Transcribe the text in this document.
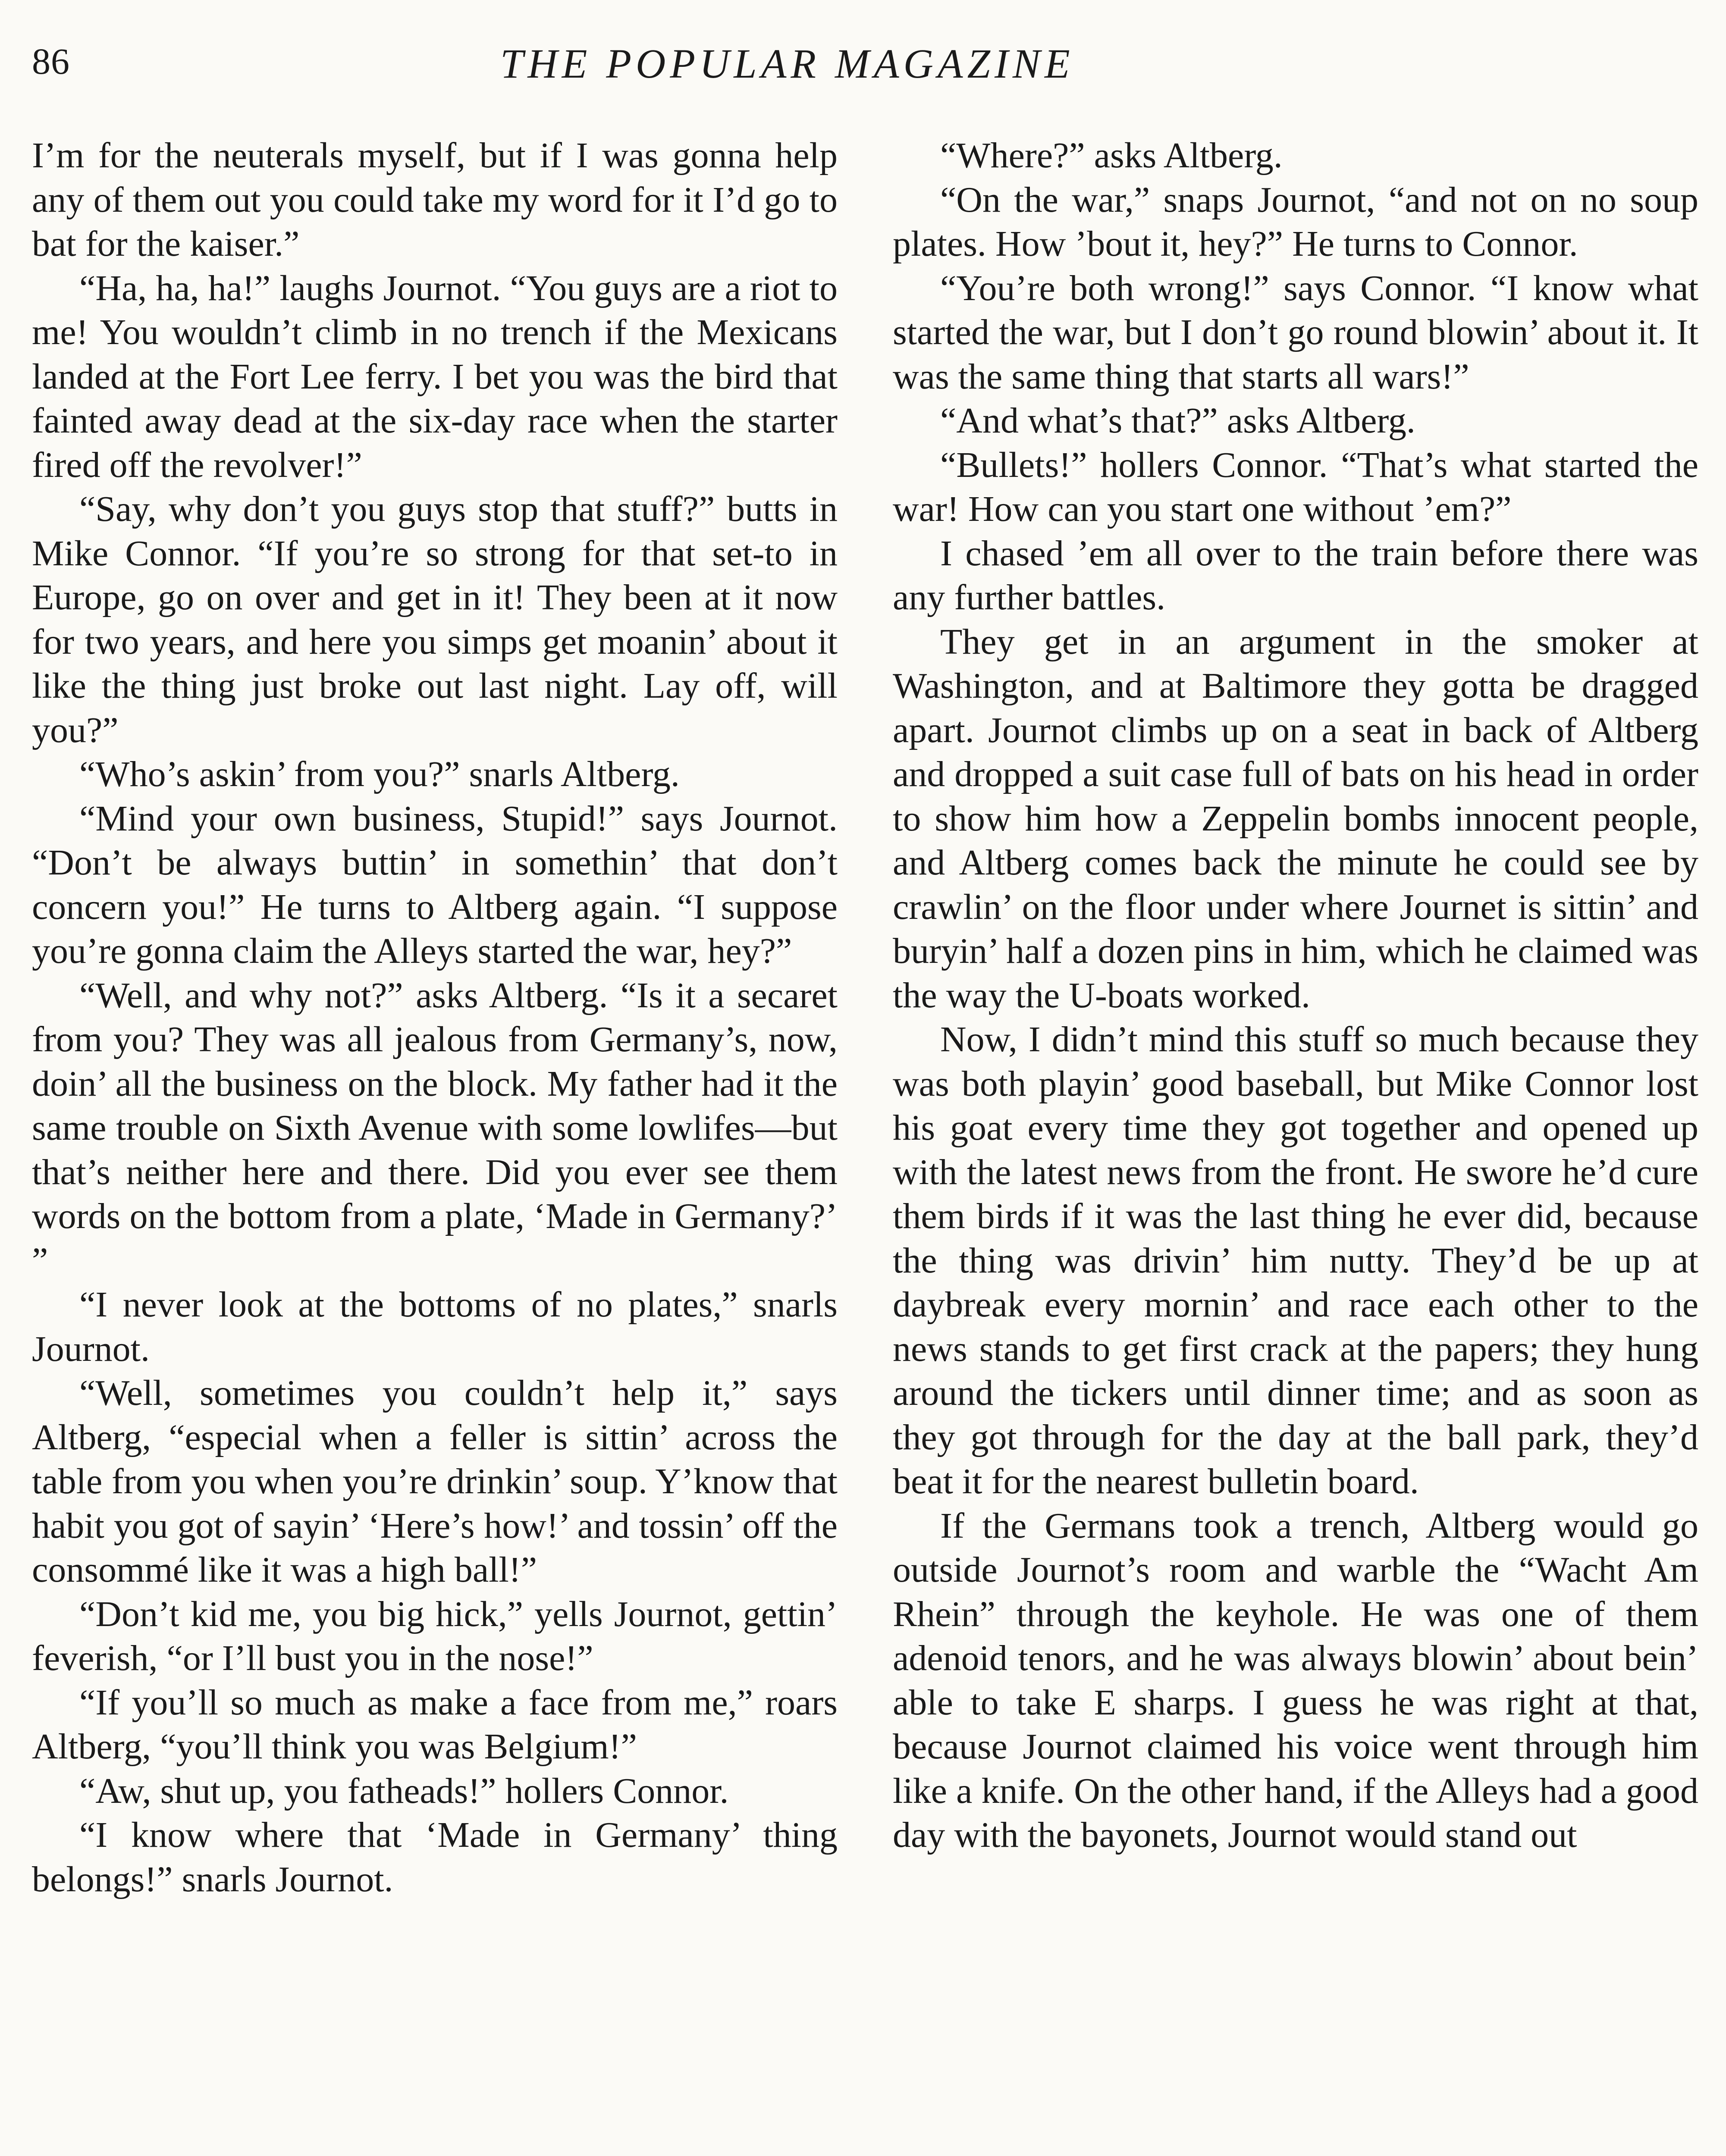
86	THE POPULAR MAGAZINE

I’m for the neuterals myself, but if I was gonna help any of them out you could take my word for it I’d go to bat for the kaiser.”

“Ha, ha, ha!” laughs Journot. “You guys are a riot to me! You wouldn’t climb in no trench if the Mexicans landed at the Fort Lee ferry. I bet you was the bird that fainted away dead at the six-day race when the starter fired off the revolver!”

“Say, why don’t you guys stop that stuff?” butts in Mike Connor. “If you’re so strong for that set-to in Europe, go on over and get in it! They been at it now for two years, and here you simps get moanin’ about it like the thing just broke out last night. Lay off, will you?”

“Who’s askin’ from you?” snarls Altberg.

“Mind your own business, Stupid!” says Journot. “Don’t be always buttin’ in somethin’ that don’t concern you!” He turns to Altberg again. “I suppose you’re gonna claim the Alleys started the war, hey?”

“Well, and why not?” asks Altberg. “Is it a secaret from you? They was all jealous from Germany’s, now, doin’ all the business on the block. My father had it the same trouble on Sixth Avenue with some lowlifes—but that’s neither here and there. Did you ever see them words on the bottom from a plate, ‘Made in Germany?’ ”

“I never look at the bottoms of no plates,” snarls Journot.

“Well, sometimes you couldn’t help it,” says Altberg, “especial when a feller is sittin’ across the table from you when you’re drinkin’ soup. Y’know that habit you got of sayin’ ‘Here’s how!’ and tossin’ off the consommé like it was a high ball!”

“Don’t kid me, you big hick,” yells Journot, gettin’ feverish, “or I’ll bust you in the nose!”

“If you’ll so much as make a face from me,” roars Altberg, “you’ll think you was Belgium!”

“Aw, shut up, you fatheads!” hollers Connor.

“I know where that ‘Made in Germany’ thing belongs!” snarls Journot.

“Where?” asks Altberg.

“On the war,” snaps Journot, “and not on no soup plates. How ’bout it, hey?” He turns to Connor.

“You’re both wrong!” says Connor. “I know what started the war, but I don’t go round blowin’ about it. It was the same thing that starts all wars!”

“And what’s that?” asks Altberg.

“Bullets!” hollers Connor. “That’s what started the war! How can you start one without ’em?”

I chased ’em all over to the train before there was any further battles.

They get in an argument in the smoker at Washington, and at Baltimore they gotta be dragged apart. Journot climbs up on a seat in back of Altberg and dropped a suit case full of bats on his head in order to show him how a Zeppelin bombs innocent people, and Altberg comes back the minute he could see by crawlin’ on the floor under where Journet is sittin’ and buryin’ half a dozen pins in him, which he claimed was the way the U-boats worked.

Now, I didn’t mind this stuff so much because they was both playin’ good baseball, but Mike Connor lost his goat every time they got together and opened up with the latest news from the front. He swore he’d cure them birds if it was the last thing he ever did, because the thing was drivin’ him nutty. They’d be up at daybreak every mornin’ and race each other to the news stands to get first crack at the papers; they hung around the tickers until dinner time; and as soon as they got through for the day at the ball park, they’d beat it for the nearest bulletin board.

If the Germans took a trench, Altberg would go outside Journot’s room and warble the “Wacht Am Rhein” through the keyhole. He was one of them adenoid tenors, and he was always blowin’ about bein’ able to take E sharps. I guess he was right at that, because Journot claimed his voice went through him like a knife. On the other hand, if the Alleys had a good day with the bayonets, Journot would stand out
